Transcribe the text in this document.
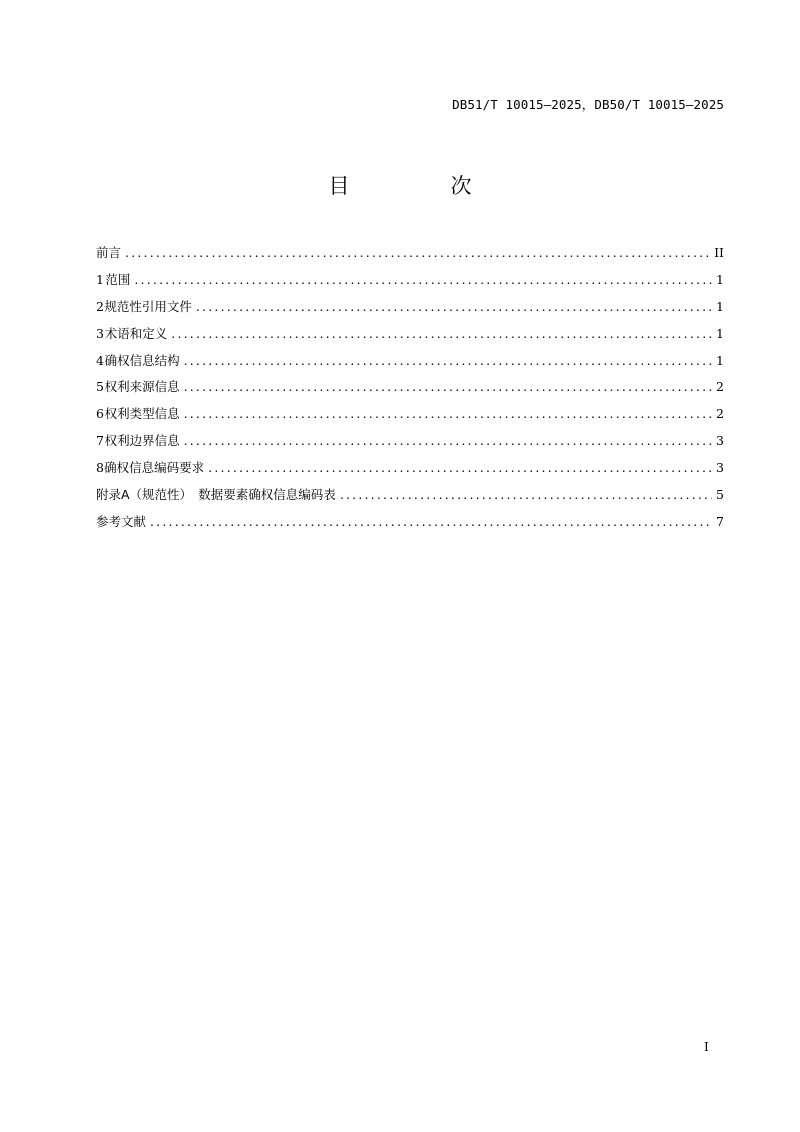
DB51/T 10015—2025，DB50/T 10015—2025
目　次
前言 .....	II
1 范围 .....	1
2 规范性引用文件 .....	1
3 术语和定义 .....	1
4 确权信息结构 .....	1
5 权利来源信息 .....	2
6 权利类型信息 .....	2
7 权利边界信息 .....	3
8 确权信息编码要求 .....	3
附录A（规范性）　数据要素确权信息编码表 .....	5
参考文献 .....	7
I
